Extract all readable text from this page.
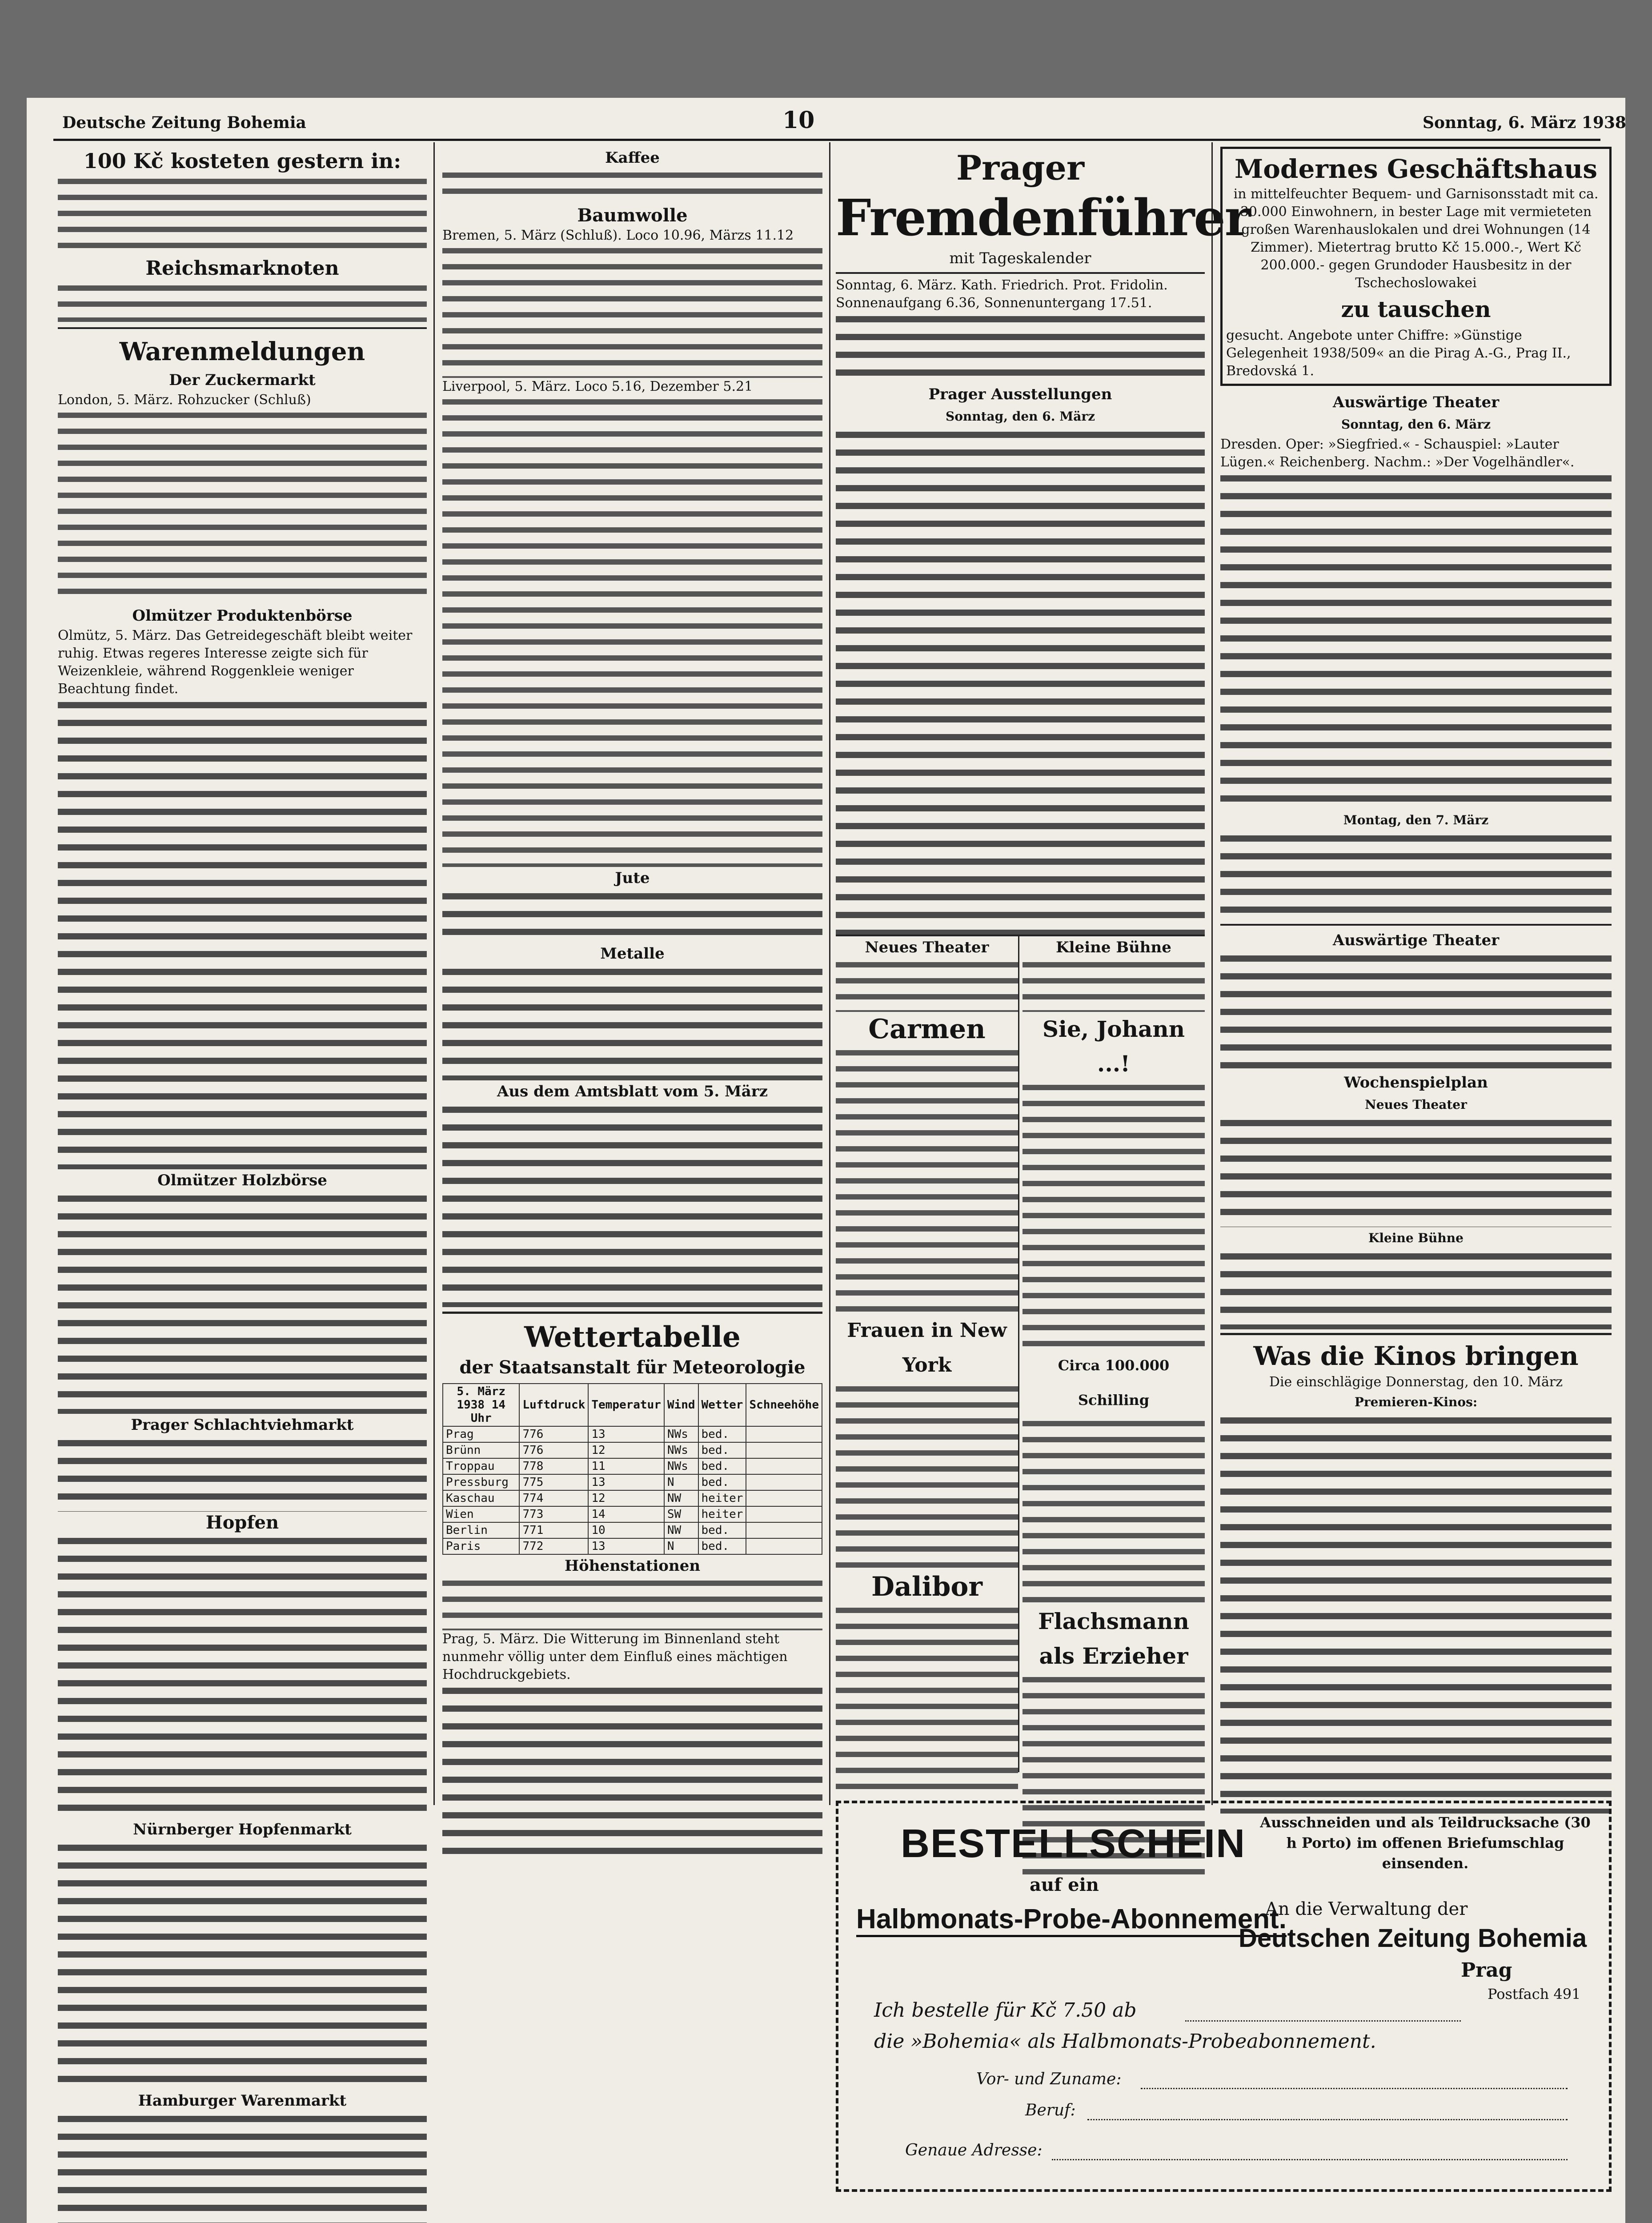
Deutsche Zeitung Bohemia	10	Sonntag, 6. März 1938

100 Kč kosteten gestern in:

Reichsmarknoten

Warenmeldungen

Der Zuckermarkt

London, 5. März. Rohzucker (Schluß)

Olmützer Produktenbörse

Olmütz, 5. März. Das Getreidegeschäft bleibt weiter ruhig. Etwas regeres Interesse zeigte sich für Weizenkleie, während Roggenkleie weniger Beachtung findet.

Olmützer Holzbörse

Prager Schlachtviehmarkt

Hopfen

Nürnberger Hopfenmarkt

Hamburger Warenmarkt

Kaffee

Baumwolle

Bremen, 5. März (Schluß). Loco 10.96, Märzs 11.12

Liverpool, 5. März. Loco 5.16, Dezember 5.21

Jute

Metalle

Aus dem Amtsblatt vom 5. März

Wettertabelle

der Staatsanstalt für Meteorologie

5. März 1938 14 Uhr	Luftdruck	Temperatur	Wind	Wetter	Schneehöhe
Prag	776	13	NWs	bed.	
Brünn	776	12	NWs	bed.	
Troppau	778	11	NWs	bed.	
Pressburg	775	13	N	bed.	
Kaschau	774	12	NW	heiter	
Wien	773	14	SW	heiter	
Berlin	771	10	NW	bed.	
Paris	772	13	N	bed.	

Höhenstationen

Prag, 5. März. Die Witterung im Binnenland steht nunmehr völlig unter dem Einfluß eines mächtigen Hochdruckgebiets.

Prager

Fremdenführer

mit Tageskalender

Sonntag, 6. März. Kath. Friedrich. Prot. Fridolin. Sonnenaufgang 6.36, Sonnenuntergang 17.51.

Prager Ausstellungen

Sonntag, den 6. März

Neues Theater

Carmen

Frauen in New York

Dalibor

Kleine Bühne

Sie, Johann ...!

Circa 100.000 Schilling

Flachsmann als Erzieher

Modernes Geschäftshaus

in mittelfeuchter Bequem- und Garnisonsstadt mit ca. 30.000 Einwohnern, in bester Lage mit vermieteten großen Warenhauslokalen und drei Wohnungen (14 Zimmer). Mietertrag brutto Kč 15.000.-, Wert Kč 200.000.- gegen Grundoder Hausbesitz in der Tschechoslowakei

zu tauschen

gesucht. Angebote unter Chiffre: »Günstige Gelegenheit 1938/509« an die Pirag A.-G., Prag II., Bredovská 1.

Auswärtige Theater

Sonntag, den 6. März

Dresden. Oper: »Siegfried.« - Schauspiel: »Lauter Lügen.« Reichenberg. Nachm.: »Der Vogelhändler«.

Montag, den 7. März

Auswärtige Theater

Wochenspielplan

Neues Theater

Kleine Bühne

Was die Kinos bringen

Die einschlägige Donnerstag, den 10. März

Premieren-Kinos:

BESTELLSCHEIN
auf ein
Halbmonats-Probe-Abonnement.
Ausschneiden und als Teildrucksache (30 h Porto) im offenen Briefumschlag einsenden.
An die Verwaltung der
Deutschen Zeitung Bohemia
Prag
Postfach 491
Ich bestelle für Kč 7.50 ab
die »Bohemia« als Halbmonats-Probeabonnement.
Vor- und Zuname:
Beruf:
Genaue Adresse:
